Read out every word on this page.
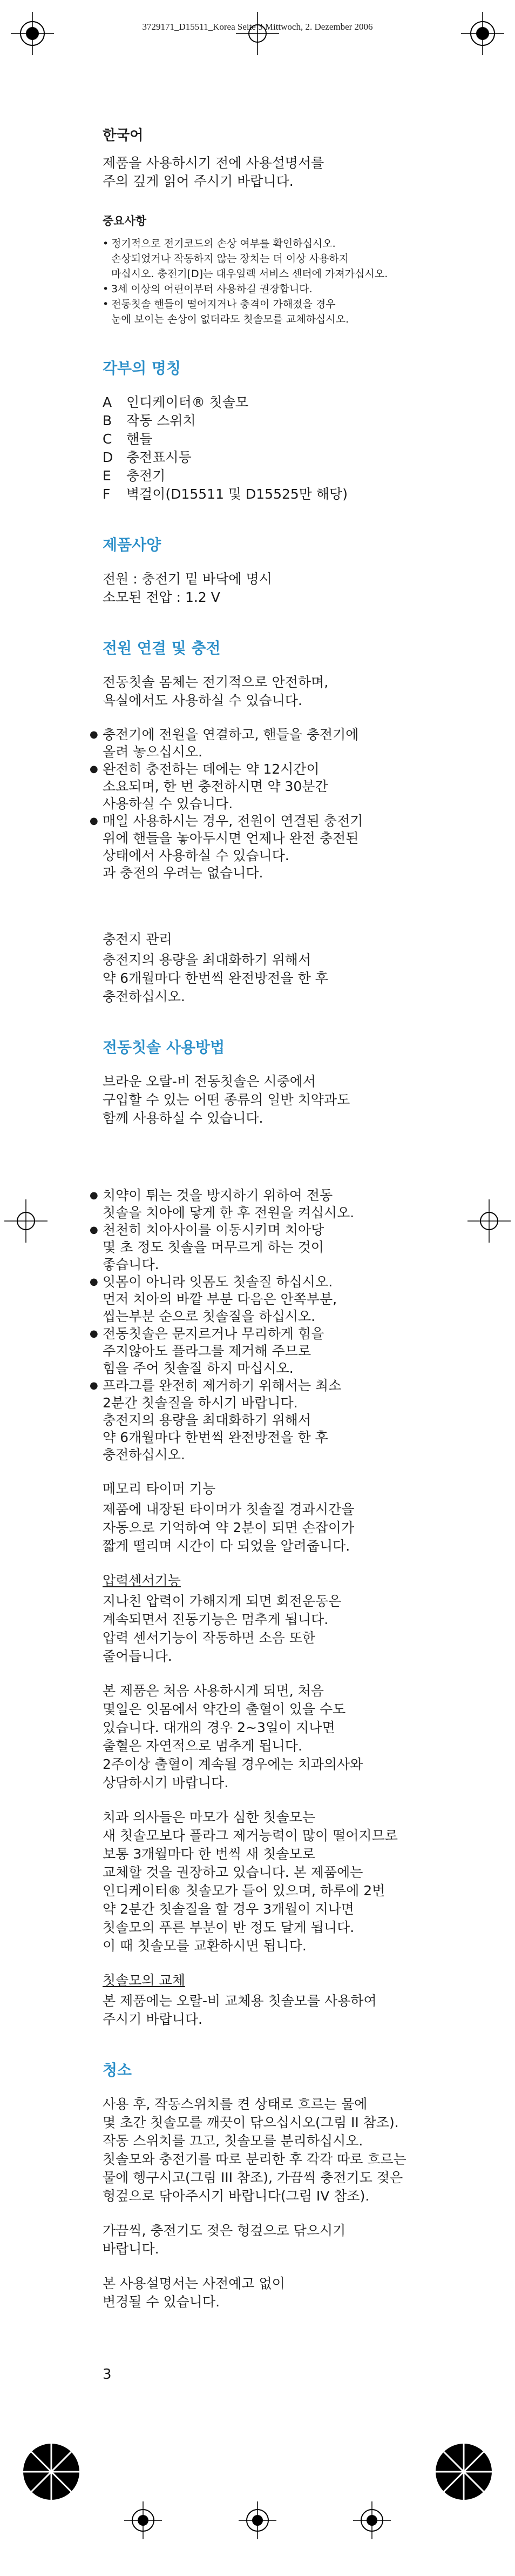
3729171_D15511_Korea Seite 3 Mittwoch, 2. Dezember 2006
한국어

제품을 사용하시기 전에 사용설명서를
주의 깊게 읽어 주시기 바랍니다.

중요사항
• 정기적으로 전기코드의 손상 여부를 확인하십시오.
손상되었거나 작동하지 않는 장치는 더 이상 사용하지
마십시오. 충전기[D]는 대우일렉 서비스 센터에 가져가십시오.
• 3세 이상의 어린이부터 사용하길 권장합니다.
• 전동칫솔 핸들이 떨어지거나 충격이 가해졌을 경우
눈에 보이는 손상이 없더라도 칫솔모를 교체하십시오.
각부의 명칭
A	인디케이터® 칫솔모
B	작동 스위치
C	핸들
D 충전표시등
E	충전기
F	벽걸이(D15511 및 D15525만 해당)
제품사양

전원 : 충전기 밑 바닥에 명시
소모된 전압 : 1.2 V

전원 연결 및 충전

전동칫솔 몸체는 전기적으로 안전하며,
욕실에서도 사용하실 수 있습니다.

● 충전기에 전원을 연결하고, 핸들을 충전기에
올려 놓으십시오.
● 완전히 충전하는 데에는 약 12시간이
소요되며, 한 번 충전하시면 약 30분간
사용하실 수 있습니다.
● 매일 사용하시는 경우, 전원이 연결된 충전기
위에 핸들을 놓아두시면 언제나 완전 충전된
상태에서 사용하실 수 있습니다.
과 충전의 우려는 없습니다.
충전지 관리

충전지의 용량을 최대화하기 위해서
약 6개월마다 한번씩 완전방전을 한 후
충전하십시오.

전동칫솔 사용방법

브라운 오랄-비 전동칫솔은 시중에서
구입할 수 있는 어떤 종류의 일반 치약과도
함께 사용하실 수 있습니다.

● 치약이 튀는 것을 방지하기 위하여 전동
칫솔을 치아에 닿게 한 후 전원을 켜십시오.
● 천천히 치아사이를 이동시키며 치아당
몇 초 정도 칫솔을 머무르게 하는 것이
좋습니다.
● 잇몸이 아니라 잇몸도 칫솔질 하십시오.
먼저 치아의 바깥 부분 다음은 안쪽부분,
씹는부분 순으로 칫솔질을 하십시오.
● 전동칫솔은 문지르거나 무리하게 힘을
주지않아도 플라그를 제거해 주므로
힘을 주어 칫솔질 하지 마십시오.
● 프라그를 완전히 제거하기 위해서는 최소
2분간 칫솔질을 하시기 바랍니다.
충전지의 용량을 최대화하기 위해서
약 6개월마다 한번씩 완전방전을 한 후
충전하십시오.
메모리 타이머 기능

제품에 내장된 타이머가 칫솔질 경과시간을
자동으로 기억하여 약 2분이 되면 손잡이가
짧게 떨리며 시간이 다 되었을 알려줍니다.

압력센서기능

지나친 압력이 가해지게 되면 회전운동은
계속되면서 진동기능은 멈추게 됩니다.
압력 센서기능이 작동하면 소음 또한
줄어듭니다.

본 제품은 처음 사용하시게 되면, 처음
몇일은 잇몸에서 약간의 출혈이 있을 수도
있습니다. 대개의 경우 2~3일이 지나면
출혈은 자연적으로 멈추게 됩니다.
2주이상 출혈이 계속될 경우에는 치과의사와
상담하시기 바랍니다.

치과 의사들은 마모가 심한 칫솔모는
새 칫솔모보다 플라그 제거능력이 많이 떨어지므로
보통 3개월마다 한 번씩 새 칫솔모로
교체할 것을 권장하고 있습니다. 본 제품에는
인디케이터® 칫솔모가 들어 있으며, 하루에 2번
약 2분간 칫솔질을 할 경우 3개월이 지나면
칫솔모의 푸른 부분이 반 정도 달게 됩니다.
이 때 칫솔모를 교환하시면 됩니다.

칫솔모의 교체

본 제품에는 오랄-비 교체용 칫솔모를 사용하여
주시기 바랍니다.

청소

사용 후, 작동스위치를 켠 상태로 흐르는 물에
몇 초간 칫솔모를 깨끗이 닦으십시오(그림 II 참조).
작동 스위치를 끄고, 칫솔모를 분리하십시오.
칫솔모와 충전기를 따로 분리한 후 각각 따로 흐르는
물에 헹구시고(그림 III 참조), 가끔씩 충전기도 젖은
헝겊으로 닦아주시기 바랍니다(그림 IV 참조).

가끔씩, 충전기도 젖은 헝겊으로 닦으시기
바랍니다.

본 사용설명서는 사전예고 없이
변경될 수 있습니다.

3
